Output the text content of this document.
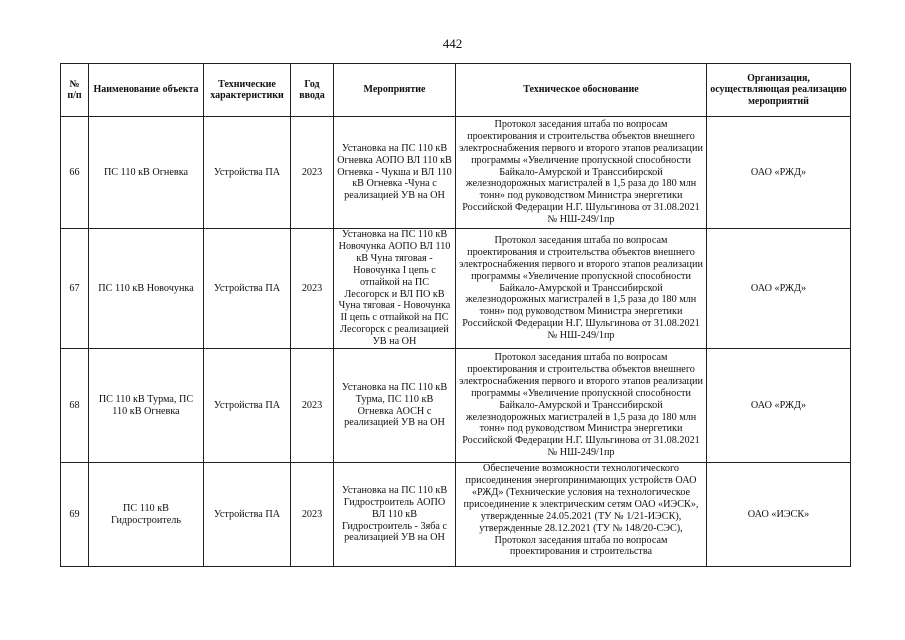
442
№ п/п	Наименование объекта	Технические характеристики	Год ввода	Мероприятие	Техническое обоснование	Организация, осуществляющая реализацию мероприятий
66	ПС 110 кВ Огневка	Устройства ПА	2023	Установка на ПС 110 кВ Огневка АОПО ВЛ 110 кВ Огневка - Чукша и ВЛ 110 кВ Огневка -Чуна с реализацией УВ на ОН	Протокол заседания штаба по вопросам проектирования и строительства объектов внешнего электроснабжения первого и второго этапов реализации программы «Увеличение пропускной способности Байкало-Амурской и Транссибирской железнодорожных магистралей в 1,5 раза до 180 млн тонн» под руководством Министра энергетики Российской Федерации Н.Г. Шульгинова от 31.08.2021 № НШ-249/1пр	ОАО «РЖД»
67	ПС 110 кВ Новочунка	Устройства ПА	2023	Установка на ПС 110 кВ Новочунка АОПО ВЛ 110 кВ Чуна тяговая - Новочунка I цепь с отпайкой на ПС Лесогорск и ВЛ ПО кВ Чуна тяговая - Новочунка II цепь с отпайкой на ПС Лесогорск с реализацией УВ на ОН	Протокол заседания штаба по вопросам проектирования и строительства объектов внешнего электроснабжения первого и второго этапов реализации программы «Увеличение пропускной способности Байкало-Амурской и Транссибирской железнодорожных магистралей в 1,5 раза до 180 млн тонн» под руководством Министра энергетики Российской Федерации Н.Г. Шульгинова от 31.08.2021 № НШ-249/1пр	ОАО «РЖД»
68	ПС 110 кВ Турма, ПС 110 кВ Огневка	Устройства ПА	2023	Установка на ПС 110 кВ Турма, ПС 110 кВ Огневка АОСН с реализацией УВ на ОН	Протокол заседания штаба по вопросам проектирования и строительства объектов внешнего электроснабжения первого и второго этапов реализации программы «Увеличение пропускной способности Байкало-Амурской и Транссибирской железнодорожных магистралей в 1,5 раза до 180 млн тонн» под руководством Министра энергетики Российской Федерации Н.Г. Шульгинова от 31.08.2021 № НШ-249/1пр	ОАО «РЖД»
69	ПС 110 кВ Гидростроитель	Устройства ПА	2023	Установка на ПС 110 кВ Гидростроитель АОПО ВЛ 110 кВ Гидростроитель - 3яба с реализацией УВ на ОН	Обеспечение возможности технологического присоединения энергопринимающих устройств ОАО «РЖД» (Технические условия на технологическое присоединение к электрическим сетям ОАО «ИЭСК», утвержденные 24.05.2021 (ТУ № 1/21-ИЭСК), утвержденные 28.12.2021 (ТУ № 148/20-СЭС), Протокол заседания штаба по вопросам проектирования и строительства	ОАО «ИЭСК»
